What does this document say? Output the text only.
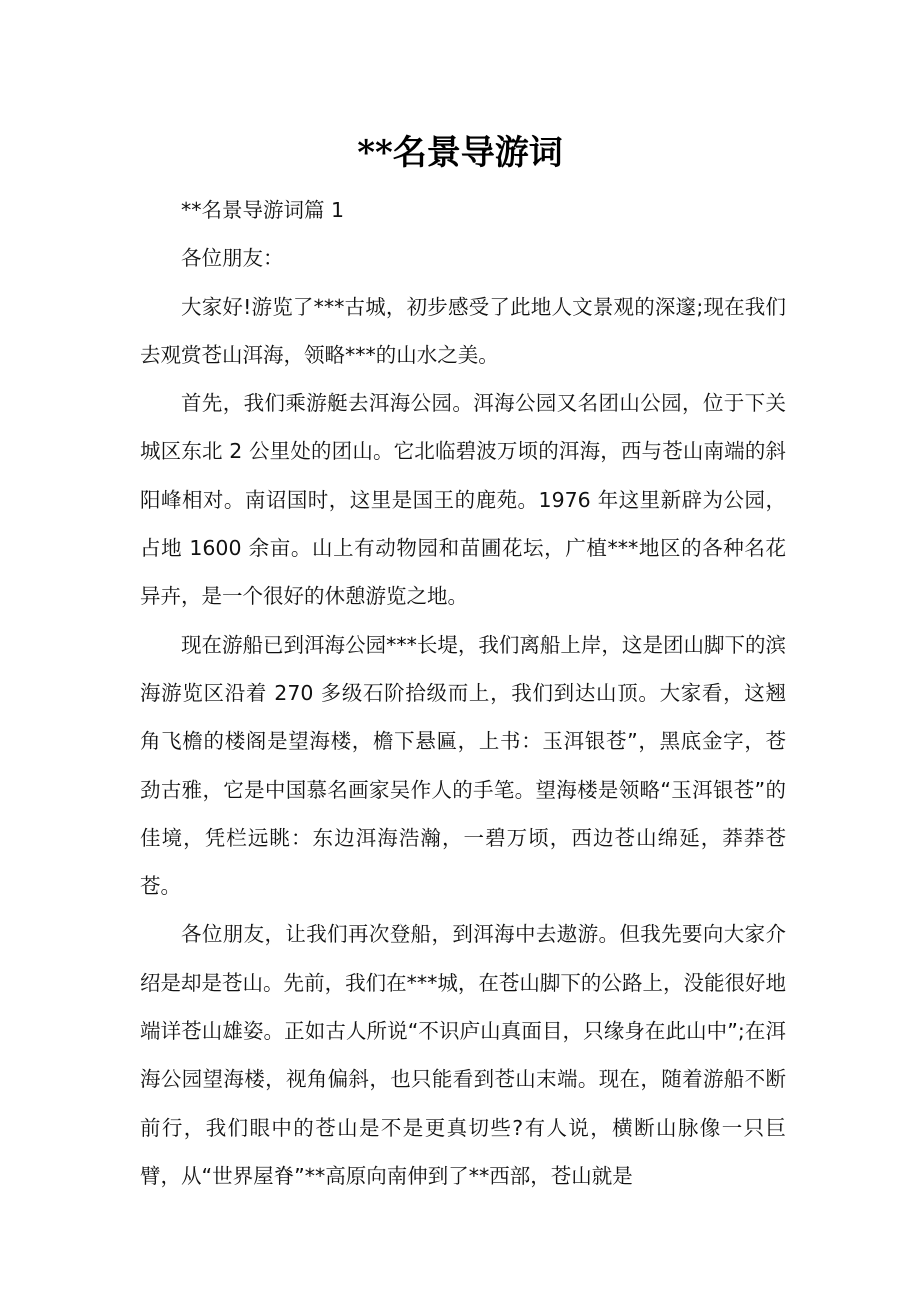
**名景导游词

**名景导游词篇 1

各位朋友：

大家好!游览了***古城，初步感受了此地人文景观的深邃;现在我们去观赏苍山洱海，领略***的山水之美。

首先，我们乘游艇去洱海公园。洱海公园又名团山公园，位于下关城区东北 2 公里处的团山。它北临碧波万顷的洱海，西与苍山南端的斜阳峰相对。南诏国时，这里是国王的鹿苑。1976 年这里新辟为公园，占地 1600 余亩。山上有动物园和苗圃花坛，广植***地区的各种名花异卉，是一个很好的休憩游览之地。

现在游船已到洱海公园***长堤，我们离船上岸，这是团山脚下的滨海游览区沿着 270 多级石阶拾级而上，我们到达山顶。大家看，这翘角飞檐的楼阁是望海楼，檐下悬匾，上书：玉洱银苍”，黑底金字，苍劲古雅，它是中国慕名画家吴作人的手笔。望海楼是领略“玉洱银苍”的佳境，凭栏远眺：东边洱海浩瀚，一碧万顷，西边苍山绵延，莽莽苍苍。

各位朋友，让我们再次登船，到洱海中去遨游。但我先要向大家介绍是却是苍山。先前，我们在***城，在苍山脚下的公路上，没能很好地端详苍山雄姿。正如古人所说“不识庐山真面目，只缘身在此山中”;在洱海公园望海楼，视角偏斜，也只能看到苍山末端。现在，随着游船不断前行，我们眼中的苍山是不是更真切些?有人说，横断山脉像一只巨臂，从“世界屋脊”**高原向南伸到了**西部，苍山就是
